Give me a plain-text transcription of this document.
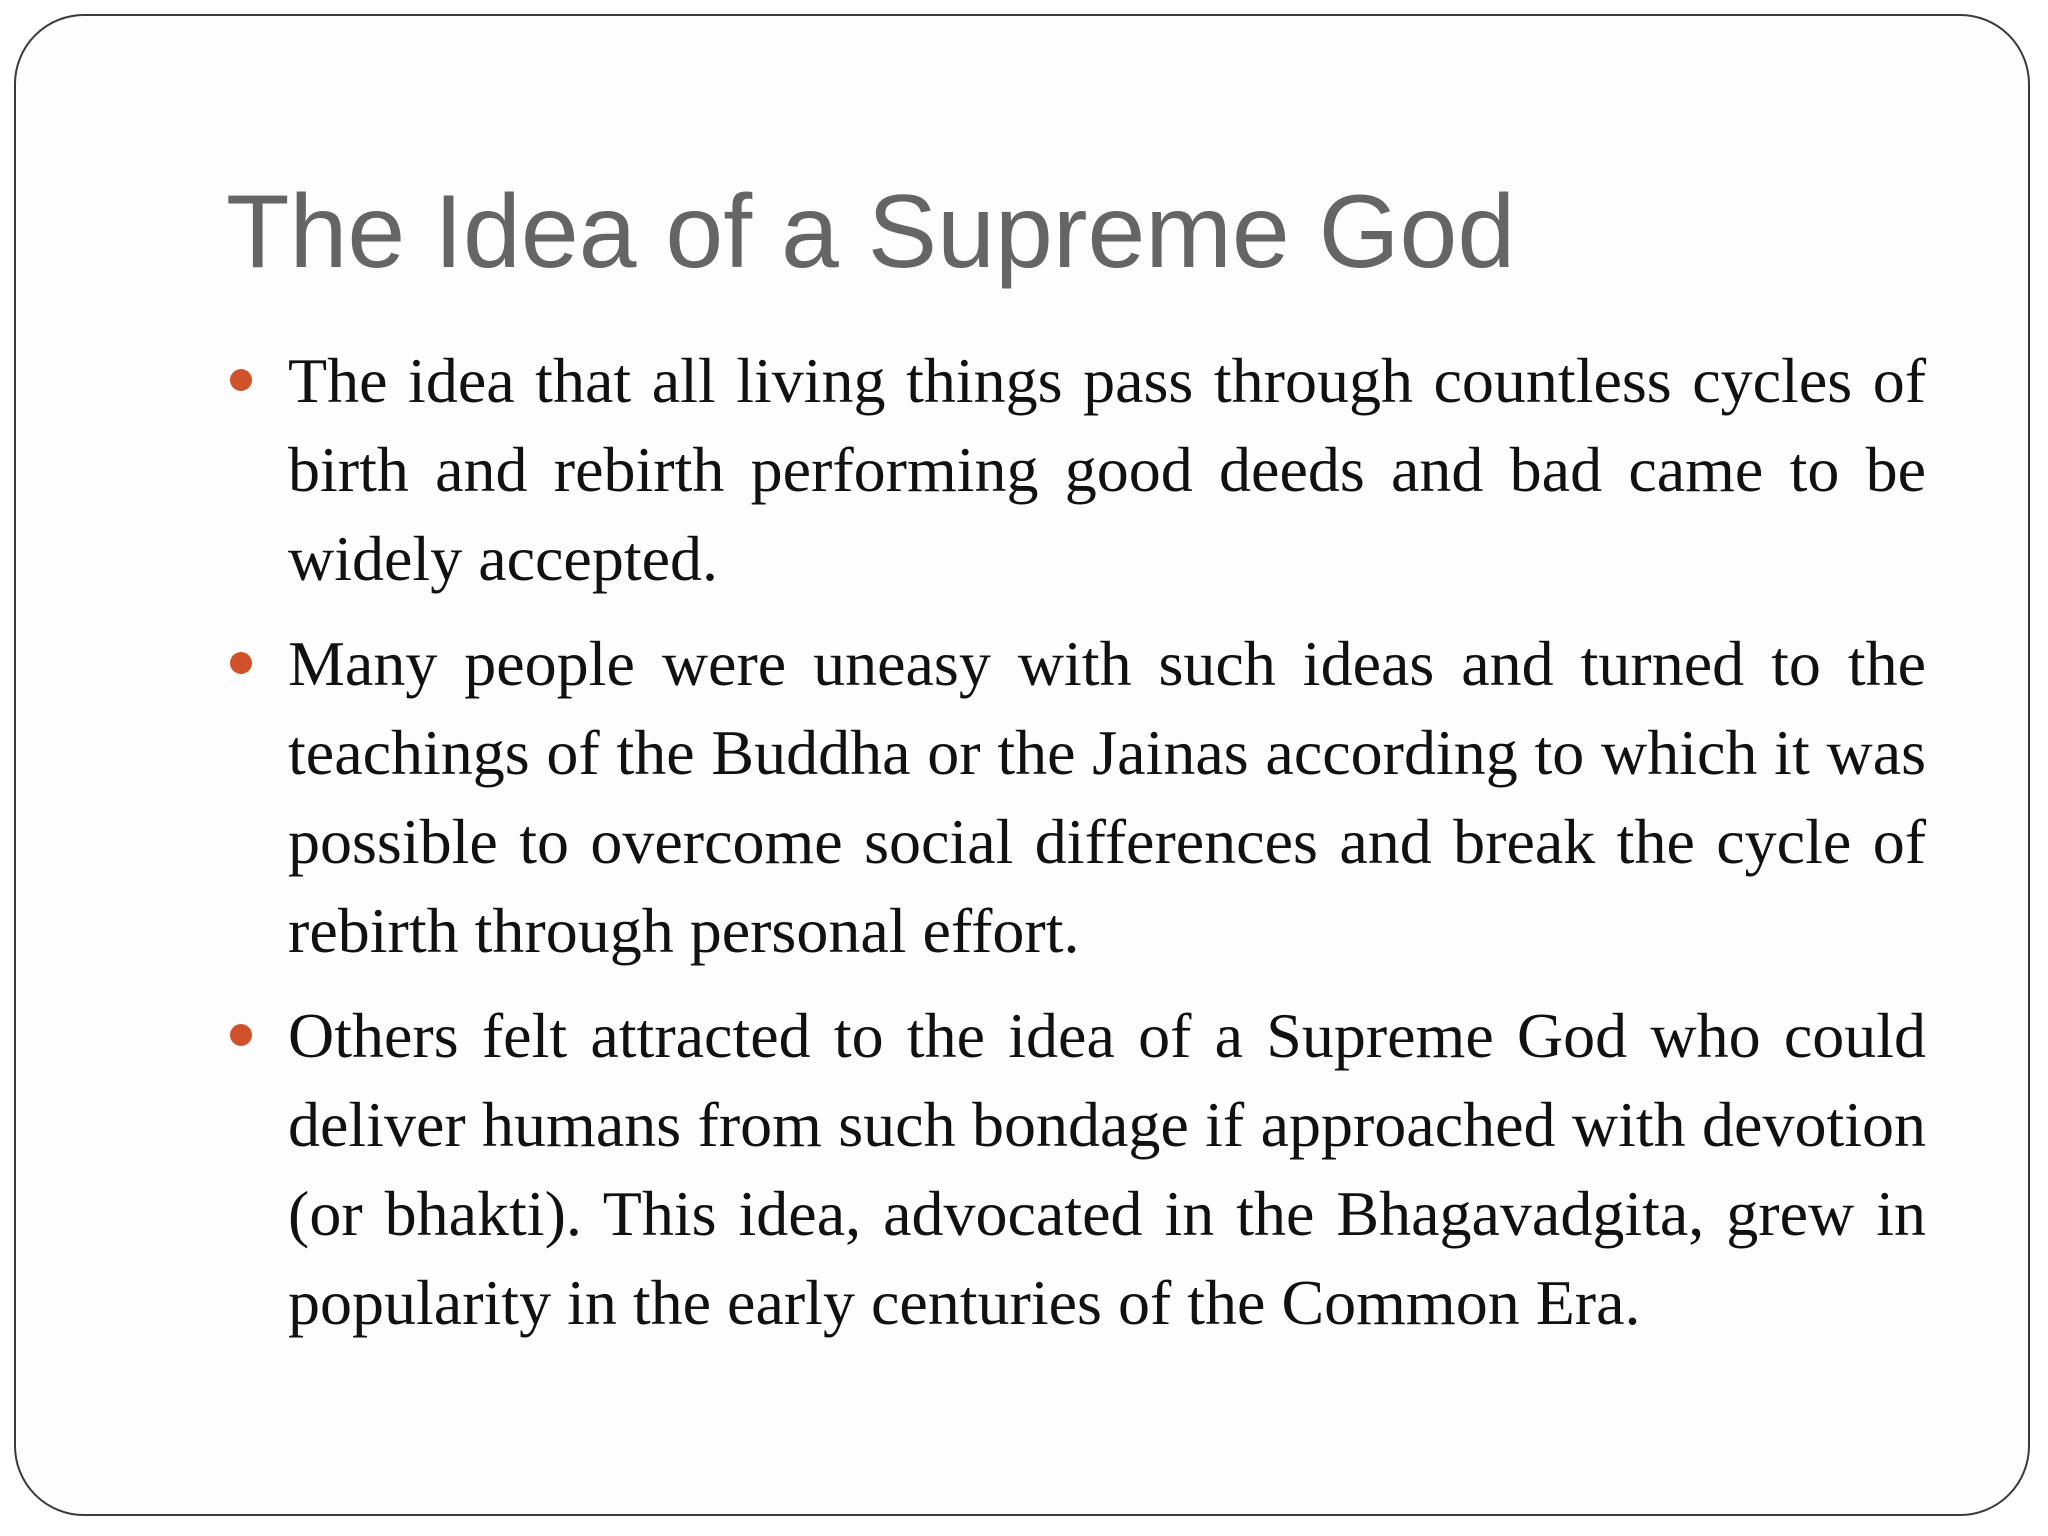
The Idea of a Supreme God
The idea that all living things pass through countless cycles of birth and rebirth performing good deeds and bad came to be widely accepted.
Many people were uneasy with such ideas and turned to the teachings of the Buddha or the Jainas according to which it was possible to overcome social differences and break the cycle of rebirth through personal effort.
Others felt attracted to the idea of a Supreme God who could deliver humans from such bondage if approached with devotion (or bhakti). This idea, advocated in the Bhagavadgita, grew in popularity in the early centuries of the Common Era.
